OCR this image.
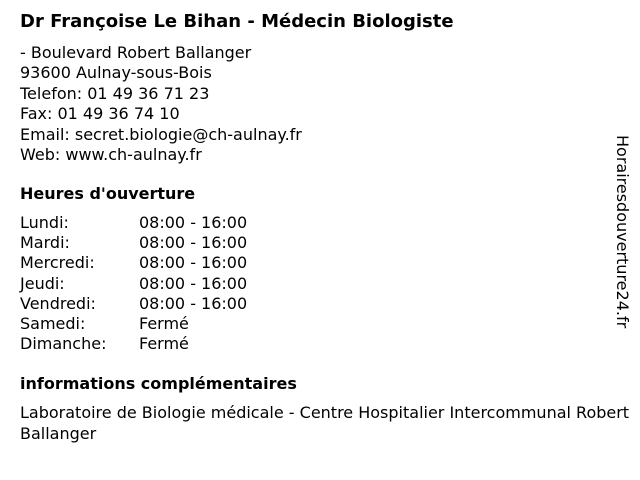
Dr Françoise Le Bihan - Médecin Biologiste
- Boulevard Robert Ballanger
93600 Aulnay-sous-Bois
Telefon: 01 49 36 71 23
Fax: 01 49 36 74 10
Email: secret.biologie@ch-aulnay.fr
Web: www.ch-aulnay.fr
Heures d'ouverture
Lundi:	08:00 - 16:00
Mardi:	08:00 - 16:00
Mercredi:	08:00 - 16:00
Jeudi:	08:00 - 16:00
Vendredi:	08:00 - 16:00
Samedi:	Fermé
Dimanche: Fermé
informations complémentaires
Laboratoire de Biologie médicale - Centre Hospitalier Intercommunal Robert Ballanger
Horairesdouverture24.fr
